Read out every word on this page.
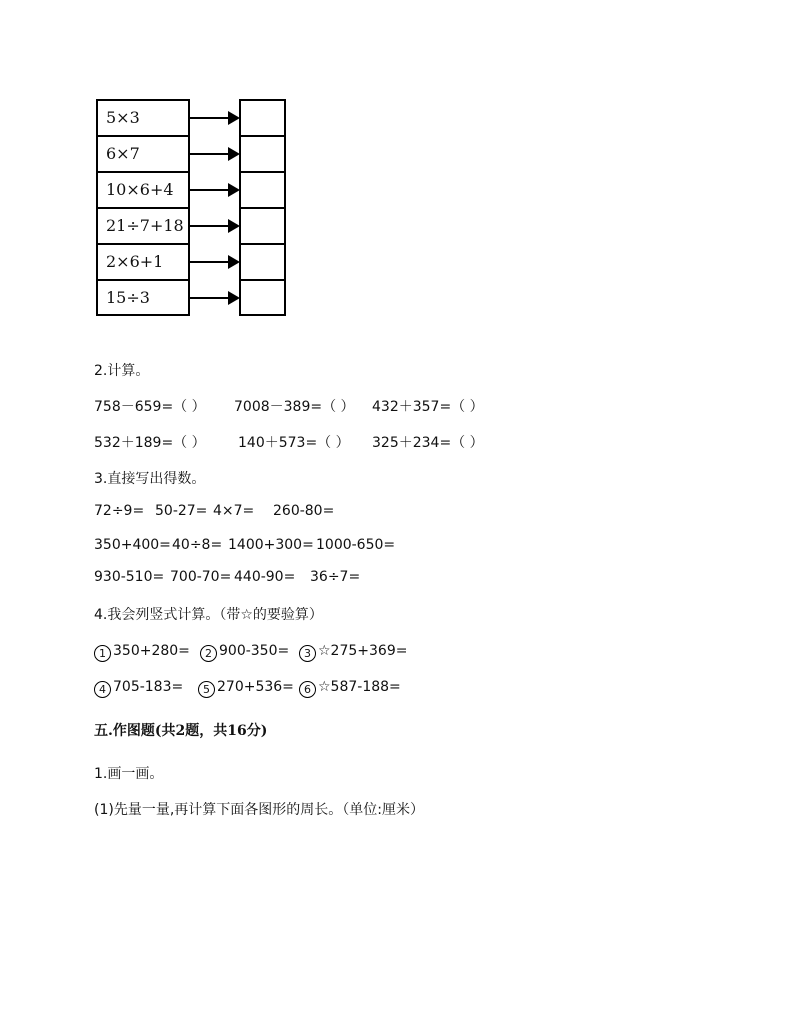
5×3
6×7
10×6+4
21÷7+18
2×6+1
15÷3
2.计算。
758－659=（ ） 7008－389=（ ） 432＋357=（ ）
532＋189=（ ） 140＋573=（ ） 325＋234=（ ）
3.直接写出得数。
72÷9= 50-27= 4×7= 260-80=
350+400= 40÷8= 1400+300= 1000-650=
930-510= 700-70= 440-90= 36÷7=
4.我会列竖式计算。（带☆的要验算）
1 350+280=	2 900-350=	3 ☆275+369=
4 705-183=	5 270+536= 6 ☆587-188=
五.作图题(共2题，共16分)
1.画一画。
(1)先量一量,再计算下面各图形的周长。（单位:厘米）
